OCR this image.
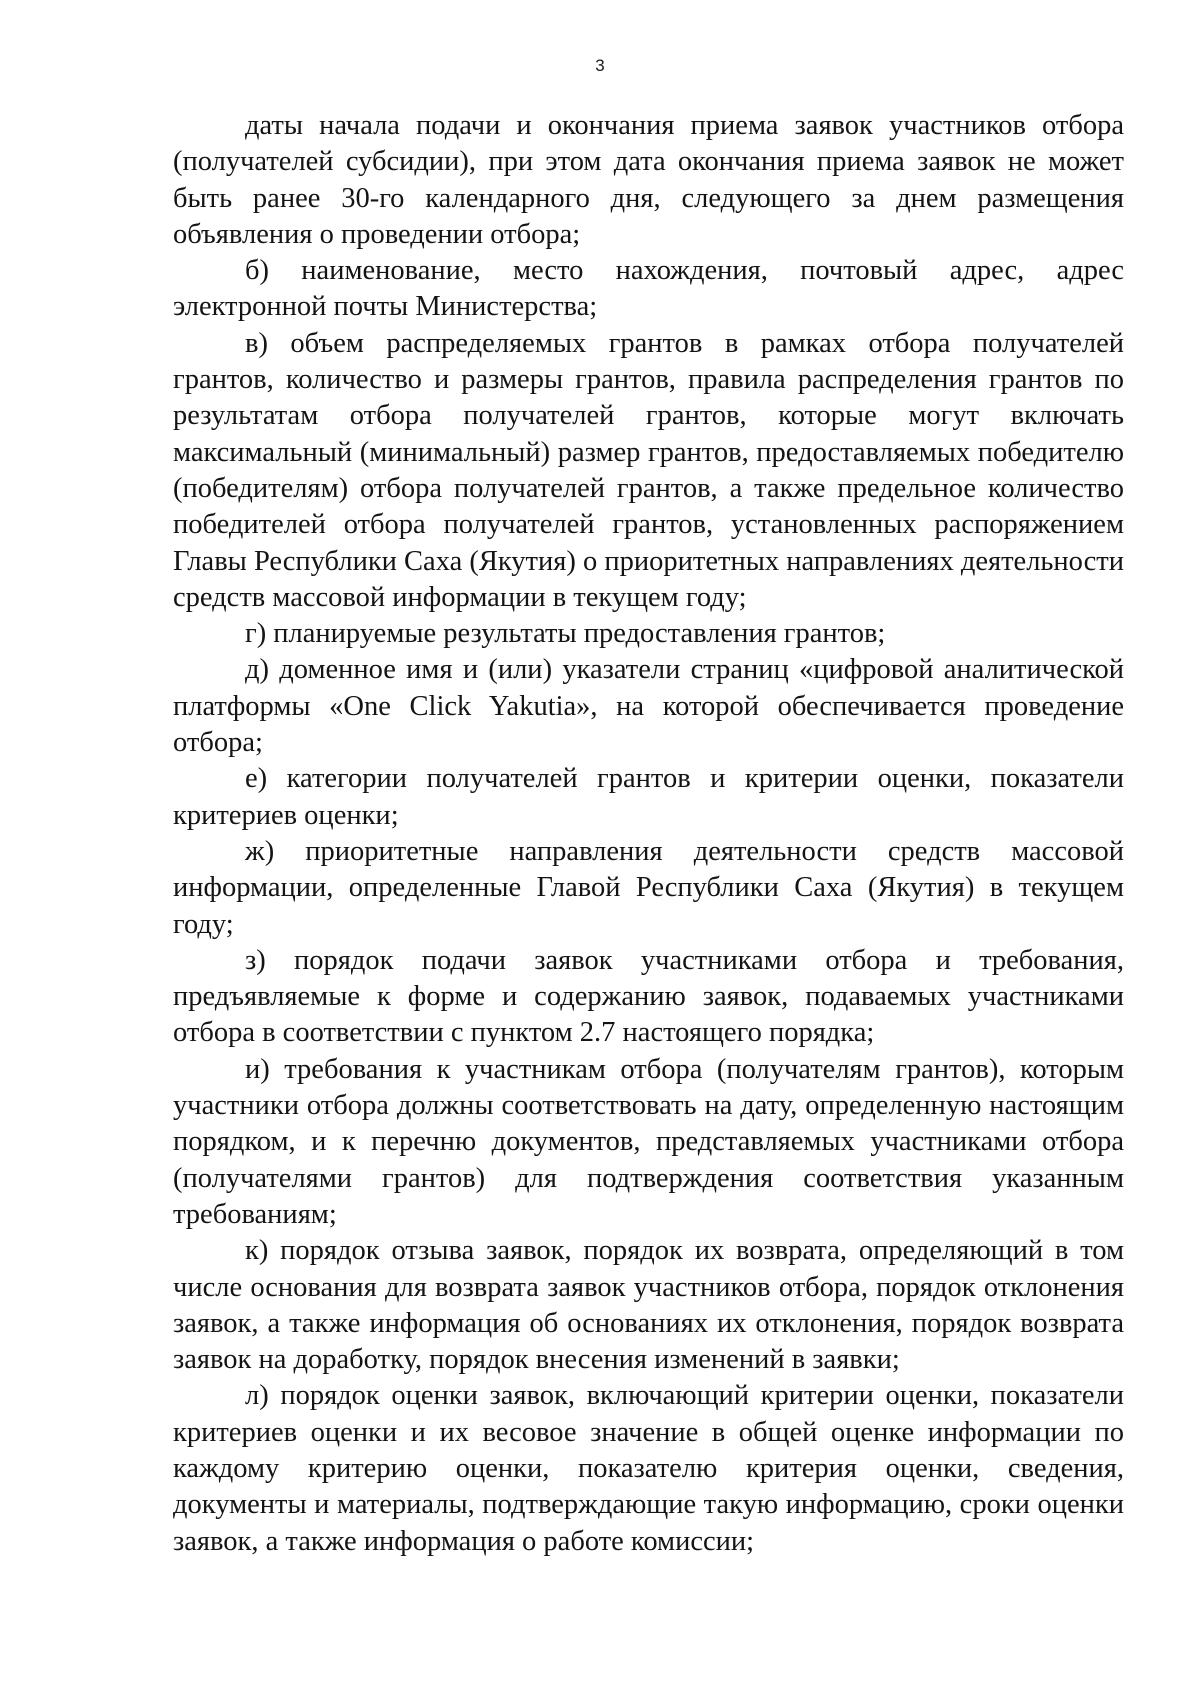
3

даты начала подачи и окончания приема заявок участников отбора (получателей субсидии), при этом дата окончания приема заявок не может быть ранее 30-го календарного дня, следующего за днем размещения объявления о проведении отбора;

б) наименование, место нахождения, почтовый адрес, адрес электронной почты Министерства;

в) объем распределяемых грантов в рамках отбора получателей грантов, количество и размеры грантов, правила распределения грантов по результатам отбора получателей грантов, которые могут включать максимальный (минимальный) размер грантов, предоставляемых победителю (победителям) отбора получателей грантов, а также предельное количество победителей отбора получателей грантов, установленных распоряжением Главы Республики Саха (Якутия) о приоритетных направлениях деятельности средств массовой информации в текущем году;

г) планируемые результаты предоставления грантов;

д) доменное имя и (или) указатели страниц «цифровой аналитической платформы «One Click Yakutia», на которой обеспечивается проведение отбора;

е) категории получателей грантов и критерии оценки, показатели критериев оценки;

ж) приоритетные направления деятельности средств массовой информации, определенные Главой Республики Саха (Якутия) в текущем году;

з) порядок подачи заявок участниками отбора и требования, предъявляемые к форме и содержанию заявок, подаваемых участниками отбора в соответствии с пунктом 2.7 настоящего порядка;

и) требования к участникам отбора (получателям грантов), которым участники отбора должны соответствовать на дату, определенную настоящим порядком, и к перечню документов, представляемых участниками отбора (получателями грантов) для подтверждения соответствия указанным требованиям;

к) порядок отзыва заявок, порядок их возврата, определяющий в том числе основания для возврата заявок участников отбора, порядок отклонения заявок, а также информация об основаниях их отклонения, порядок возврата заявок на доработку, порядок внесения изменений в заявки;

л) порядок оценки заявок, включающий критерии оценки, показатели критериев оценки и их весовое значение в общей оценке информации по каждому критерию оценки, показателю критерия оценки, сведения, документы и материалы, подтверждающие такую информацию, сроки оценки заявок, а также информация о работе комиссии;
